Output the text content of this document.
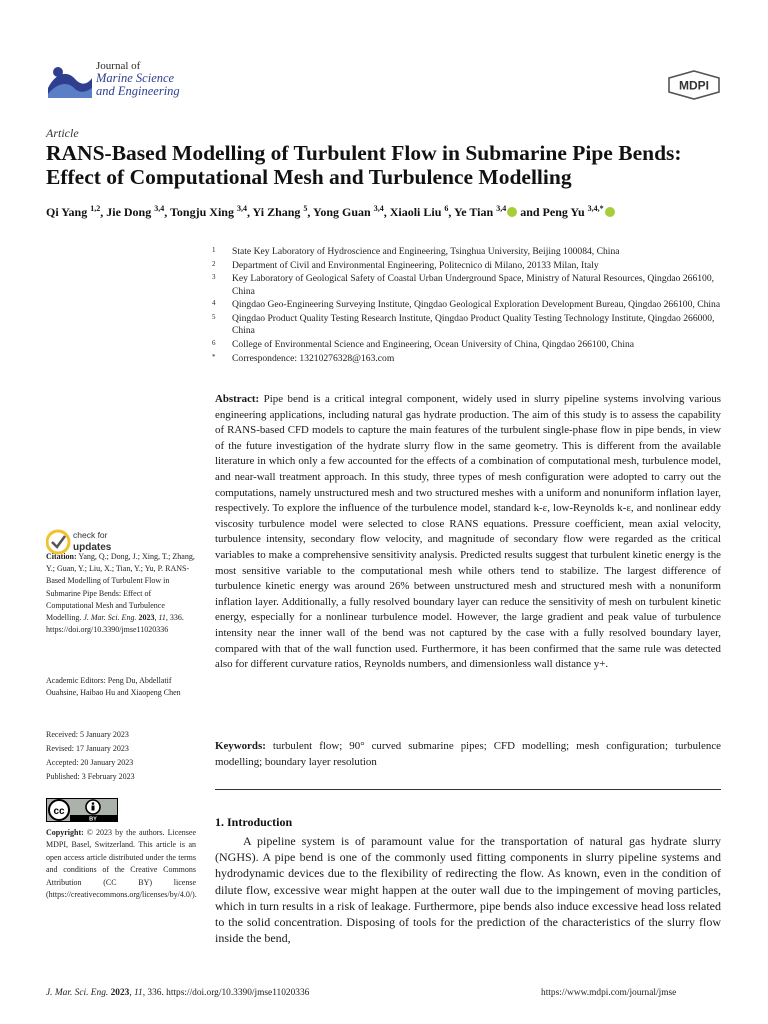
Journal of
Marine Science
and Engineering	MDPI
Article
RANS-Based Modelling of Turbulent Flow in Submarine Pipe Bends: Effect of Computational Mesh and Turbulence Modelling
Qi Yang $^{1,2}$, Jie Dong $^{3,4}$, Tongju Xing $^{3,4}$, Yi Zhang $^5$, Yong Guan $^{3,4}$, Xiaoli Liu $^6$, Ye Tian $^{3,4}$ and Peng Yu $^{3,4,*}$
1	State Key Laboratory of Hydroscience and Engineering, Tsinghua University, Beijing 100084, China
2	Department of Civil and Environmental Engineering, Politecnico di Milano, 20133 Milan, Italy
3	Key Laboratory of Geological Safety of Coastal Urban Underground Space, Ministry of Natural Resources, Qingdao 266100, China
4	Qingdao Geo-Engineering Surveying Institute, Qingdao Geological Exploration Development Bureau, Qingdao 266100, China
5	Qingdao Product Quality Testing Research Institute, Qingdao Product Quality Testing Technology Institute, Qingdao 266000, China
6	College of Environmental Science and Engineering, Ocean University of China, Qingdao 266100, China
*	Correspondence: 13210276328@163.com
Abstract: Pipe bend is a critical integral component, widely used in slurry pipeline systems involving various engineering applications, including natural gas hydrate production. The aim of this study is to assess the capability of RANS-based CFD models to capture the main features of the turbulent single-phase flow in pipe bends, in view of the future investigation of the hydrate slurry flow in the same geometry. This is different from the available literature in which only a few accounted for the effects of a combination of computational mesh, turbulence model, and near-wall treatment approach. In this study, three types of mesh configuration were adopted to carry out the computations, namely unstructured mesh and two structured meshes with a uniform and nonuniform inflation layer, respectively. To explore the influence of the turbulence model, standard k-ε, low-Reynolds k-ε, and nonlinear eddy viscosity turbulence model were selected to close RANS equations. Pressure coefficient, mean axial velocity, turbulence intensity, secondary flow velocity, and magnitude of secondary flow were regarded as the critical variables to make a comprehensive sensitivity analysis. Predicted results suggest that turbulent kinetic energy is the most sensitive variable to the computational mesh while others tend to stabilize. The largest difference of turbulence kinetic energy was around 26% between unstructured mesh and structured mesh with a nonuniform inflation layer. Additionally, a fully resolved boundary layer can reduce the sensitivity of mesh on turbulent kinetic energy, especially for a nonlinear turbulence model. However, the large gradient and peak value of turbulence intensity near the inner wall of the bend was not captured by the case with a fully resolved boundary layer, compared with that of the wall function used. Furthermore, it has been confirmed that the same rule was detected also for different curvature ratios, Reynolds numbers, and dimensionless wall distance y+.
Keywords: turbulent flow; 90° curved submarine pipes; CFD modelling; mesh configuration; turbulence modelling; boundary layer resolution
check for
updates
Citation: Yang, Q.; Dong, J.; Xing, T.; Zhang, Y.; Guan, Y.; Liu, X.; Tian, Y.; Yu, P. RANS-Based Modelling of Turbulent Flow in Submarine Pipe Bends: Effect of Computational Mesh and Turbulence Modelling. J. Mar. Sci. Eng. 2023, 11, 336. https://doi.org/10.3390/jmse11020336
Academic Editors: Peng Du, Abdellatif Ouahsine, Haibao Hu and Xiaopeng Chen
Received: 5 January 2023
Revised: 17 January 2023
Accepted: 20 January 2023
Published: 3 February 2023
cc
BY
Copyright: © 2023 by the authors. Licensee MDPI, Basel, Switzerland. This article is an open access article distributed under the terms and conditions of the Creative Commons Attribution (CC BY) license (https://creativecommons.org/licenses/by/4.0/).
1. Introduction
A pipeline system is of paramount value for the transportation of natural gas hydrate slurry (NGHS). A pipe bend is one of the commonly used fitting components in slurry pipeline systems and hydrodynamic devices due to the flexibility of redirecting the flow. As known, even in the condition of dilute flow, excessive wear might happen at the outer wall due to the impingement of moving particles, which in turn results in a risk of leakage. Furthermore, pipe bends also induce excessive head loss related to the solid concentration. Disposing of tools for the prediction of the characteristics of the slurry flow inside the bend,
J. Mar. Sci. Eng. 2023, 11, 336. https://doi.org/10.3390/jmse11020336	https://www.mdpi.com/journal/jmse
